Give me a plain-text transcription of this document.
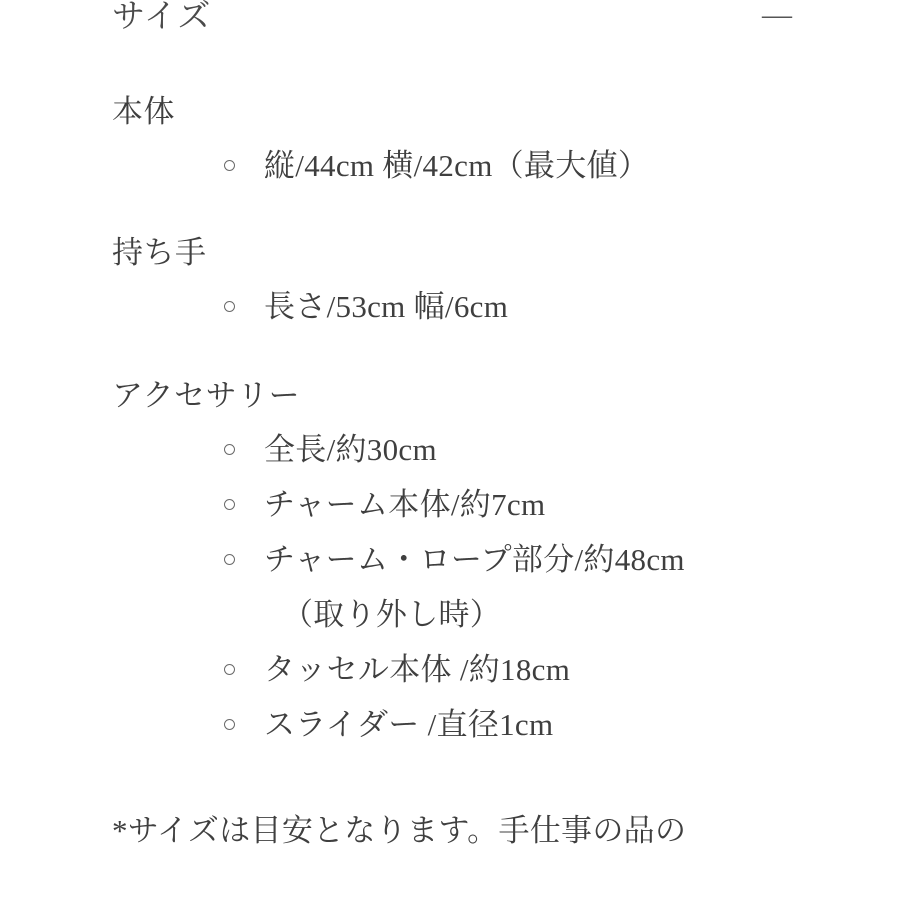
サイズ	—
本体
縦/44cm 横/42cm（最大値）
持ち手
長さ/53cm 幅/6cm
アクセサリー
全長/約30cm
チャーム本体/約7cm
チャーム・ロープ部分/約48cm
（取り外し時）
タッセル本体 /約18cm
スライダー /直径1cm
*サイズは目安となります。手仕事の品の
